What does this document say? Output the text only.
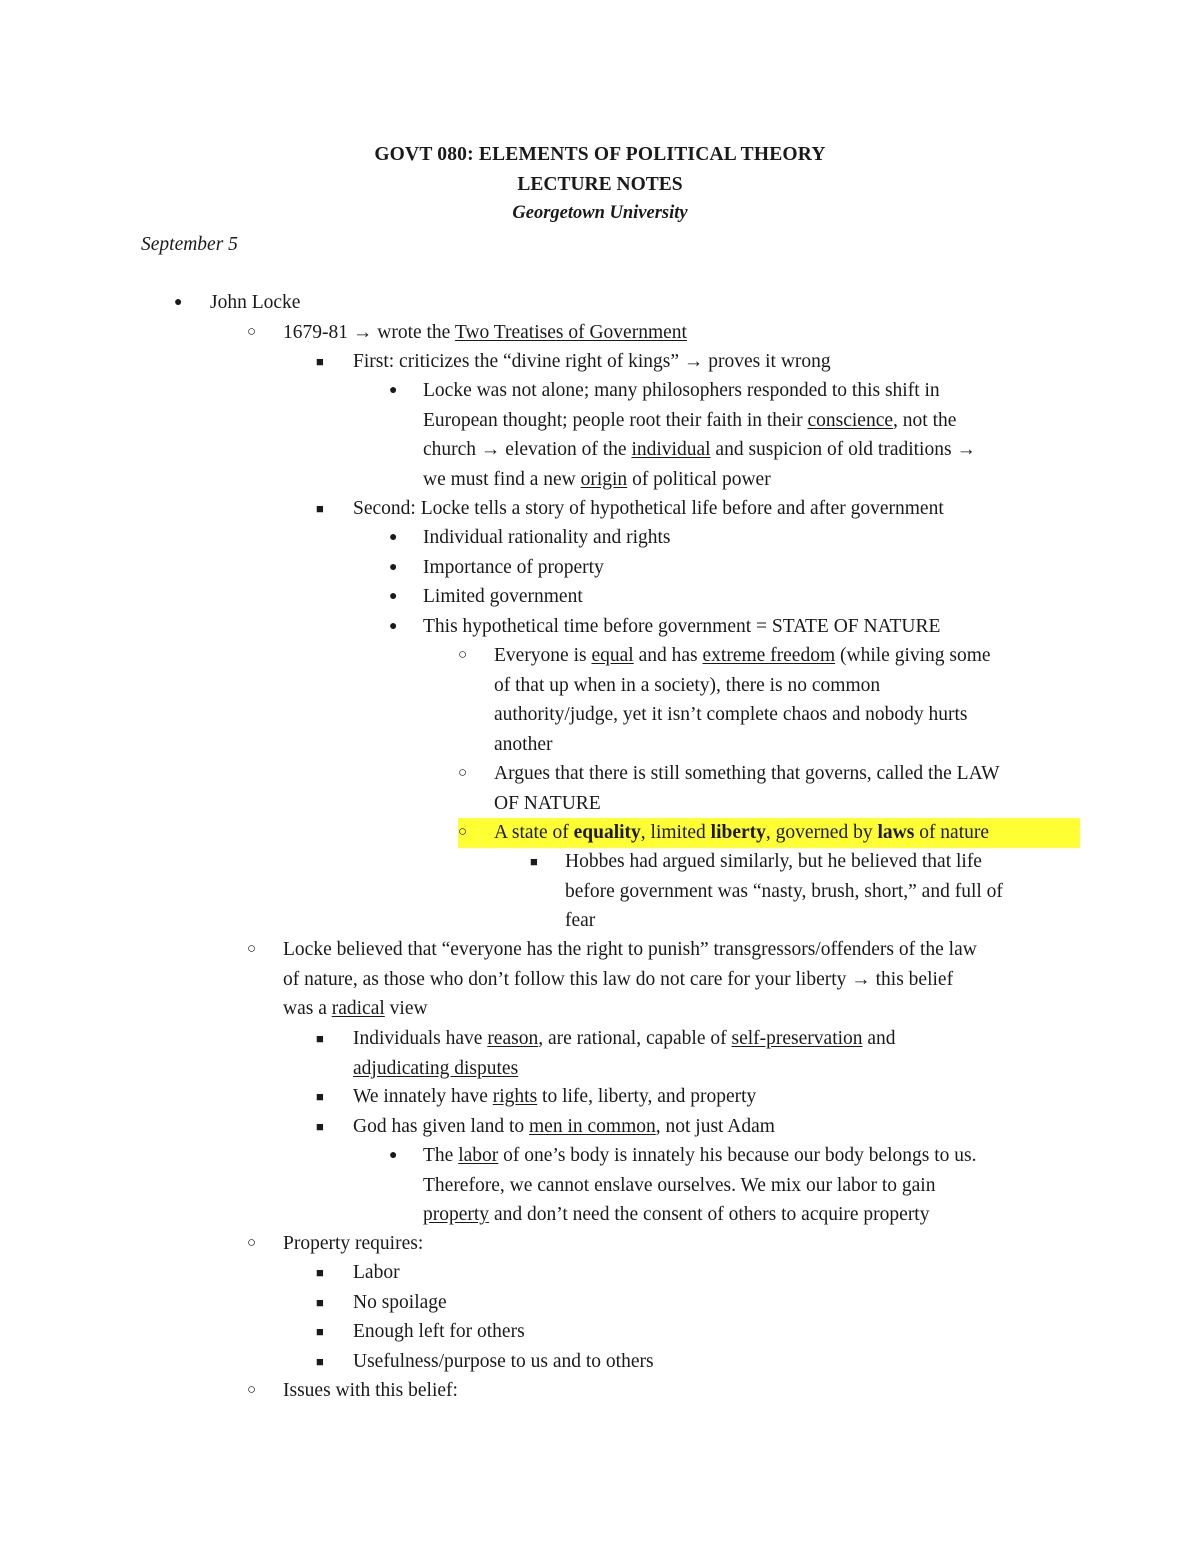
GOVT 080: ELEMENTS OF POLITICAL THEORY
LECTURE NOTES
Georgetown University
September 5
● John Locke
○ 1679-81 → wrote the Two Treatises of Government
■ First: criticizes the “divine right of kings” → proves it wrong
● Locke was not alone; many philosophers responded to this shift in
European thought; people root their faith in their conscience, not the
church → elevation of the individual and suspicion of old traditions →
we must find a new origin of political power
■ Second: Locke tells a story of hypothetical life before and after government
● Individual rationality and rights
● Importance of property
● Limited government
● This hypothetical time before government = STATE OF NATURE
○ Everyone is equal and has extreme freedom (while giving some
of that up when in a society), there is no common
authority/judge, yet it isn’t complete chaos and nobody hurts
another
○ Argues that there is still something that governs, called the LAW
OF NATURE
○ A state of equality, limited liberty, governed by laws of nature
■ Hobbes had argued similarly, but he believed that life
before government was “nasty, brush, short,” and full of
fear
○ Locke believed that “everyone has the right to punish” transgressors/offenders of the law
of nature, as those who don’t follow this law do not care for your liberty → this belief
was a radical view
■ Individuals have reason, are rational, capable of self-preservation and
adjudicating disputes
■ We innately have rights to life, liberty, and property
■ God has given land to men in common, not just Adam
● The labor of one’s body is innately his because our body belongs to us.
Therefore, we cannot enslave ourselves. We mix our labor to gain
property and don’t need the consent of others to acquire property
○ Property requires:
■ Labor
■ No spoilage
■ Enough left for others
■ Usefulness/purpose to us and to others
○ Issues with this belief:
